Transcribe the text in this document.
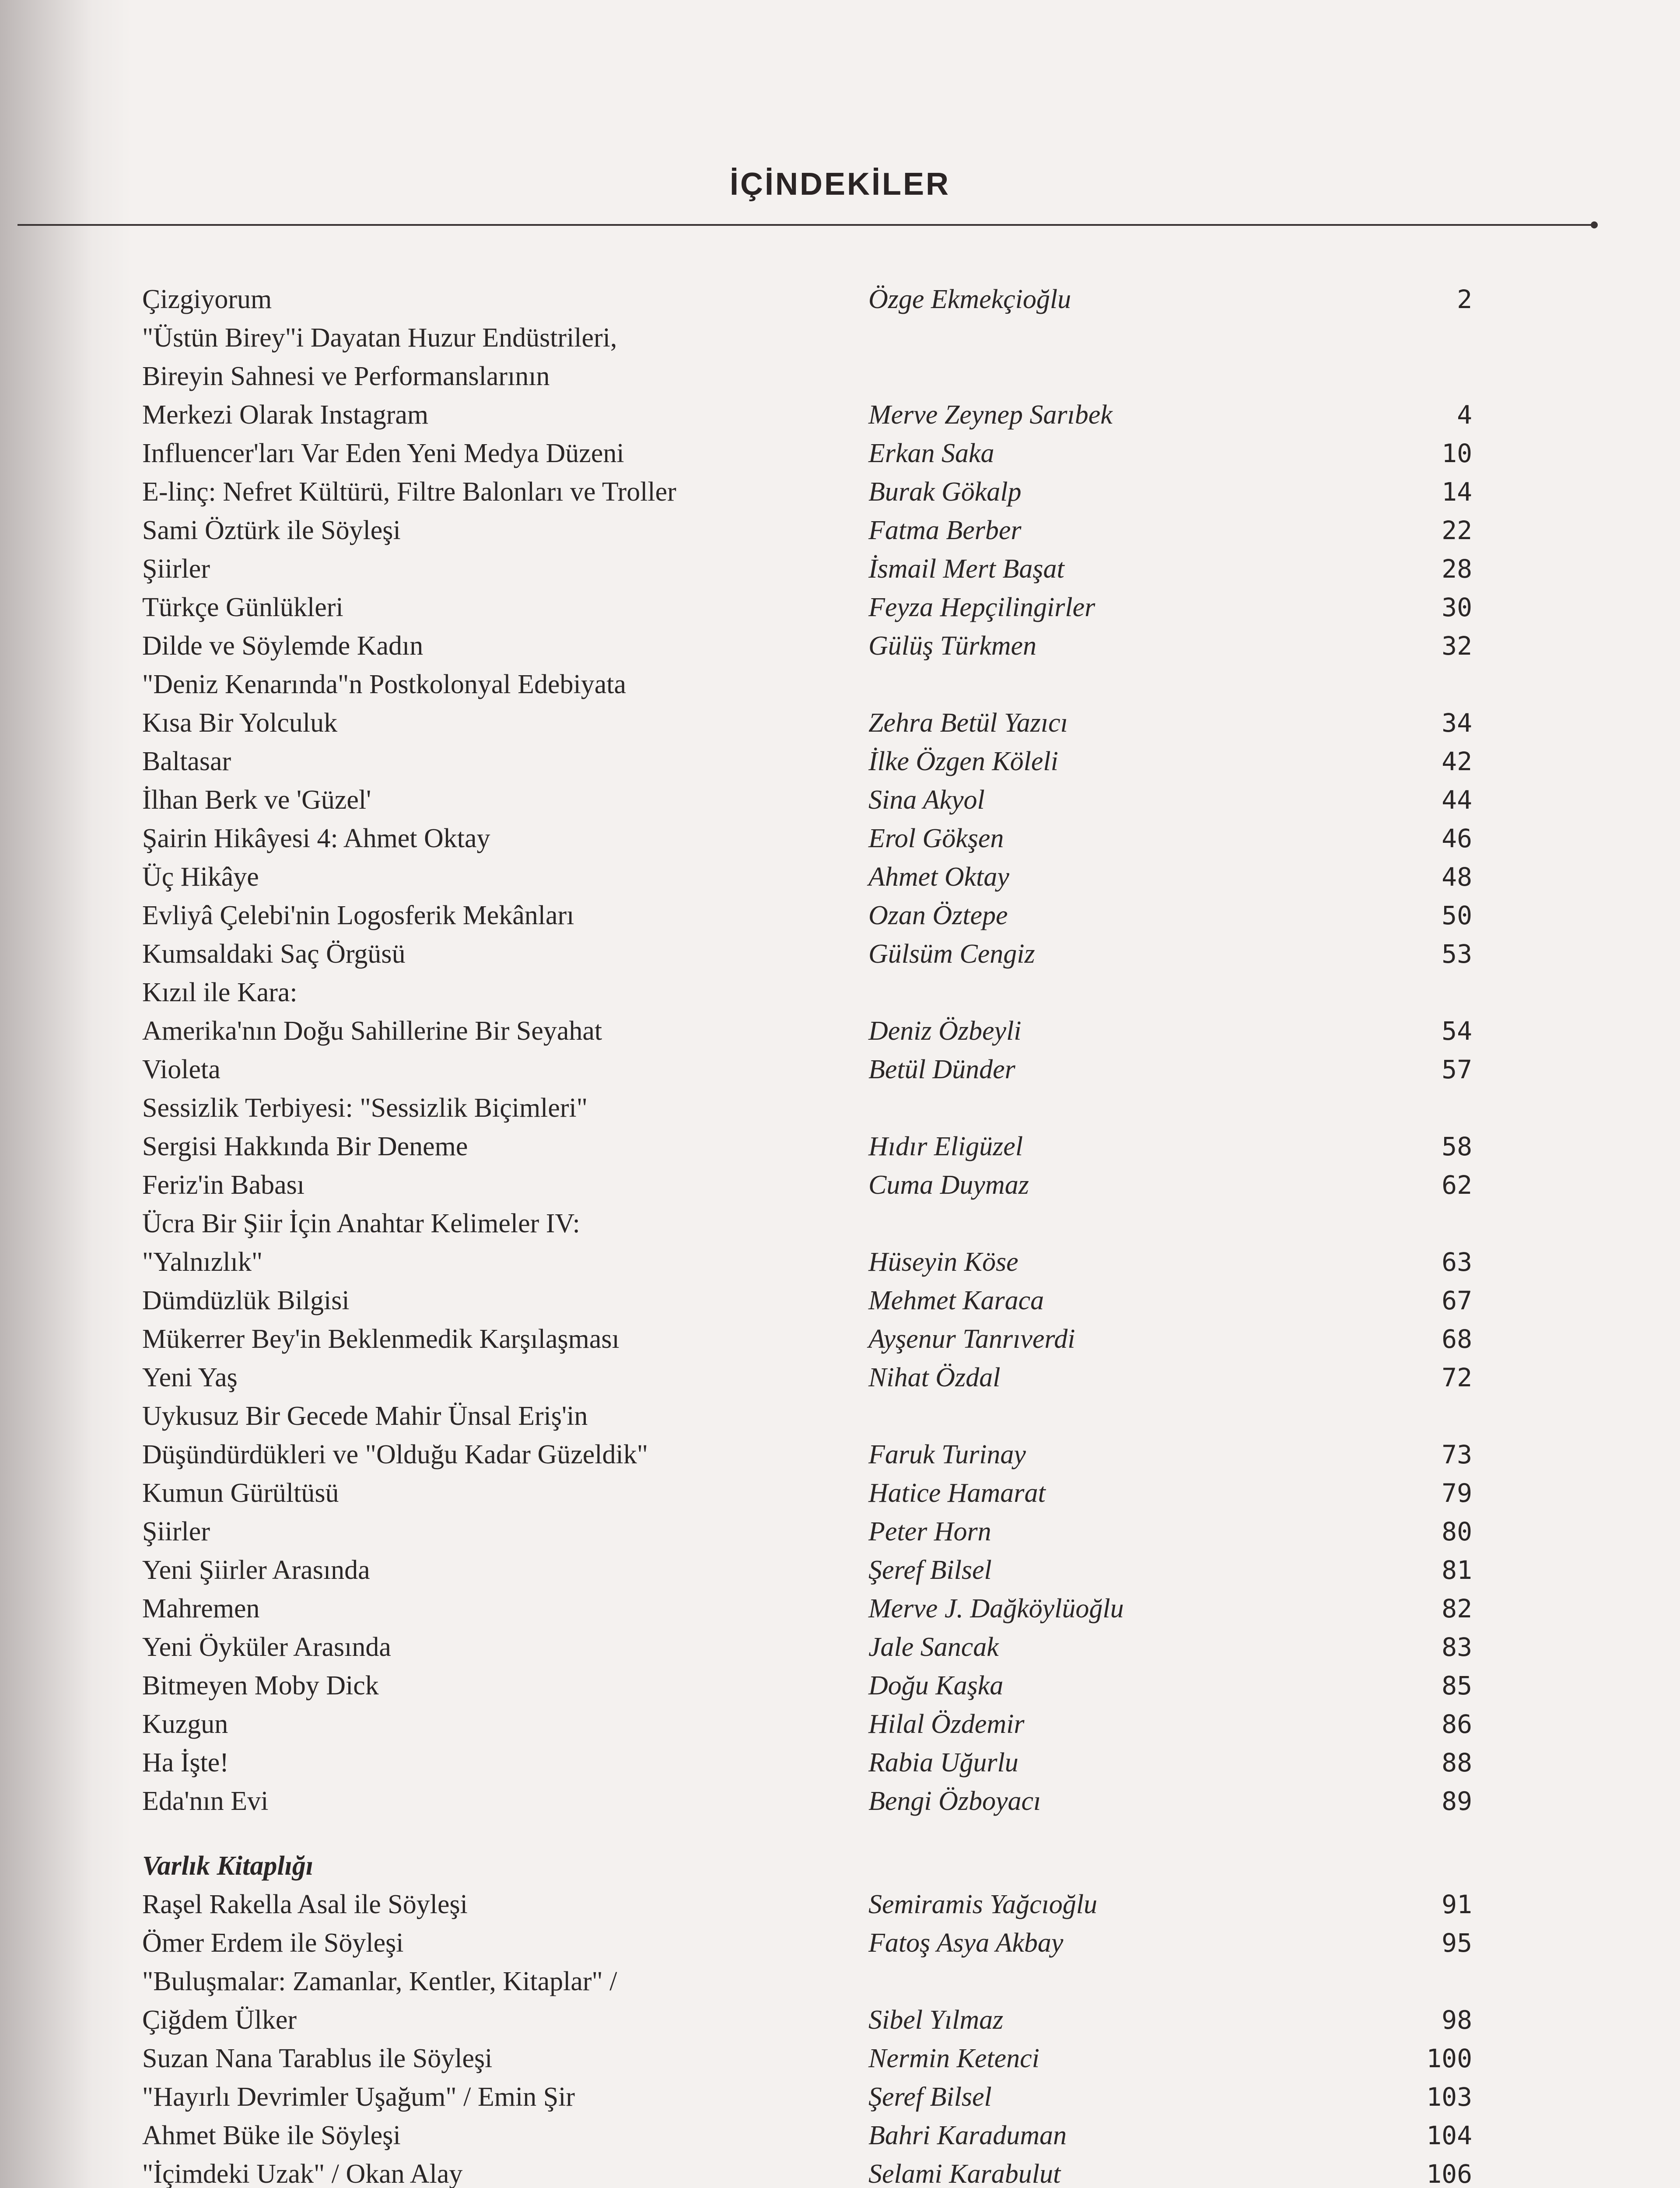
İÇİNDEKİLER
Çizgiyorum	Özge Ekmekçioğlu	2
"Üstün Birey"i Dayatan Huzur Endüstrileri,
Bireyin Sahnesi ve Performanslarının
Merkezi Olarak Instagram	Merve Zeynep Sarıbek	4
Influencer'ları Var Eden Yeni Medya Düzeni	Erkan Saka	10
E-linç: Nefret Kültürü, Filtre Balonları ve Troller	Burak Gökalp	14
Sami Öztürk ile Söyleşi	Fatma Berber	22
Şiirler	İsmail Mert Başat	28
Türkçe Günlükleri	Feyza Hepçilingirler	30
Dilde ve Söylemde Kadın	Gülüş Türkmen	32
"Deniz Kenarında"n Postkolonyal Edebiyata
Kısa Bir Yolculuk	Zehra Betül Yazıcı	34
Baltasar	İlke Özgen Köleli	42
İlhan Berk ve 'Güzel'	Sina Akyol	44
Şairin Hikâyesi 4: Ahmet Oktay	Erol Gökşen	46
Üç Hikâye	Ahmet Oktay	48
Evliyâ Çelebi'nin Logosferik Mekânları	Ozan Öztepe	50
Kumsaldaki Saç Örgüsü	Gülsüm Cengiz	53
Kızıl ile Kara:
Amerika'nın Doğu Sahillerine Bir Seyahat	Deniz Özbeyli	54
Violeta	Betül Dünder	57
Sessizlik Terbiyesi: "Sessizlik Biçimleri"
Sergisi Hakkında Bir Deneme	Hıdır Eligüzel	58
Feriz'in Babası	Cuma Duymaz	62
Ücra Bir Şiir İçin Anahtar Kelimeler IV:
"Yalnızlık"	Hüseyin Köse	63
Dümdüzlük Bilgisi	Mehmet Karaca	67
Mükerrer Bey'in Beklenmedik Karşılaşması	Ayşenur Tanrıverdi	68
Yeni Yaş	Nihat Özdal	72
Uykusuz Bir Gecede Mahir Ünsal Eriş'in
Düşündürdükleri ve "Olduğu Kadar Güzeldik"	Faruk Turinay	73
Kumun Gürültüsü	Hatice Hamarat	79
Şiirler	Peter Horn	80
Yeni Şiirler Arasında	Şeref Bilsel	81
Mahremen	Merve J. Dağköylüoğlu	82
Yeni Öyküler Arasında	Jale Sancak	83
Bitmeyen Moby Dick	Doğu Kaşka	85
Kuzgun	Hilal Özdemir	86
Ha İşte!	Rabia Uğurlu	88
Eda'nın Evi	Bengi Özboyacı	89
Varlık Kitaplığı
Raşel Rakella Asal ile Söyleşi	Semiramis Yağcıoğlu	91
Ömer Erdem ile Söyleşi	Fatoş Asya Akbay	95
"Buluşmalar: Zamanlar, Kentler, Kitaplar" /
Çiğdem Ülker	Sibel Yılmaz	98
Suzan Nana Tarablus ile Söyleşi	Nermin Ketenci	100
"Hayırlı Devrimler Uşağum" / Emin Şir	Şeref Bilsel	103
Ahmet Büke ile Söyleşi	Bahri Karaduman	104
"İçimdeki Uzak" / Okan Alay	Selami Karabulut	106
